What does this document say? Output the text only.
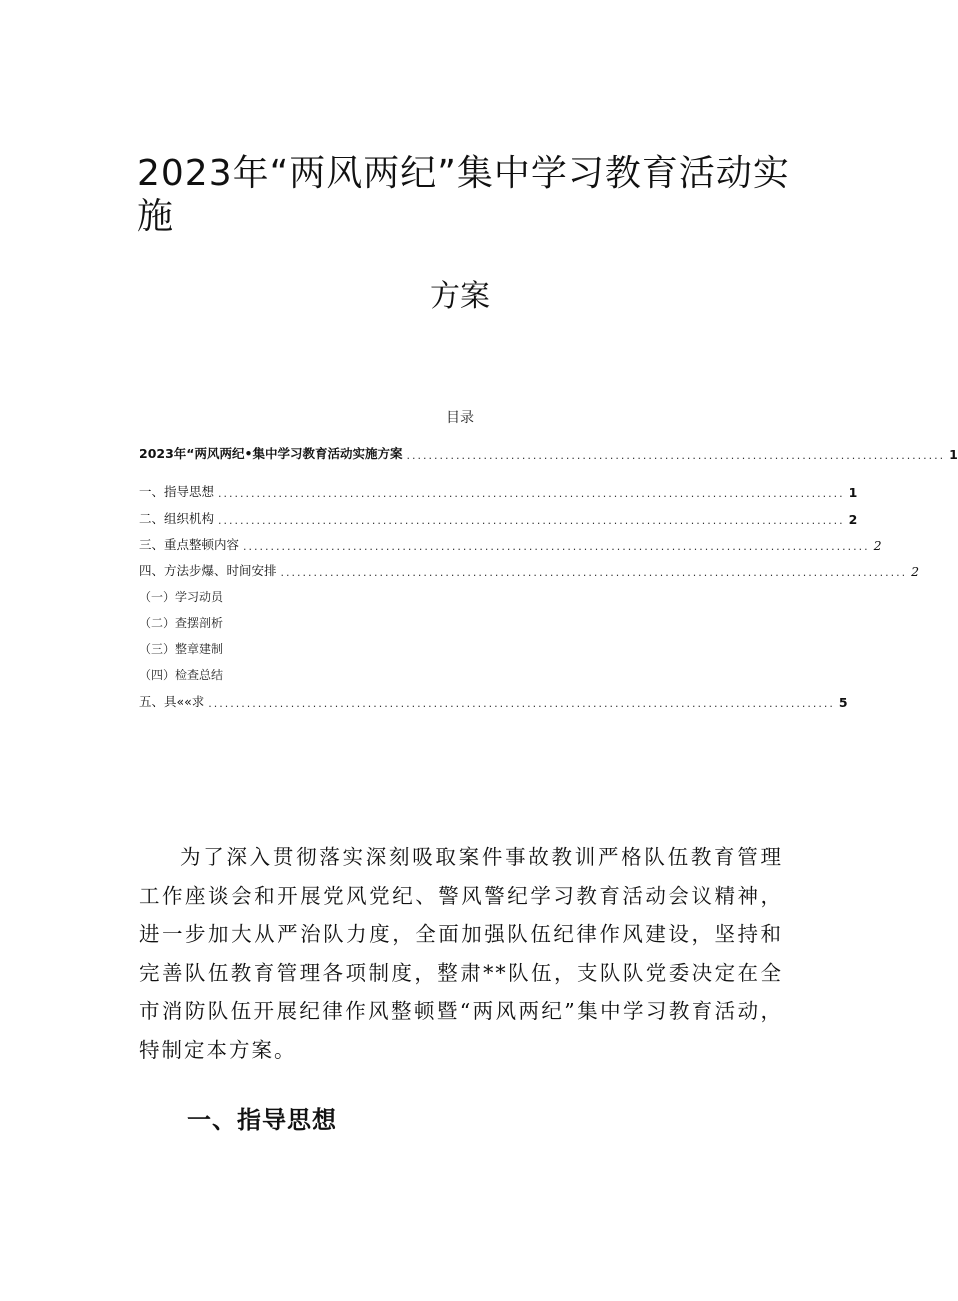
2023年“两风两纪”集中学习教育活动实
施
方案
目录
2023年“两风两纪•集中学习教育活动实施方案 .................................................................................................. 1
一、指导思想 .................................................................................................................. 1
二、组织机构 .................................................................................................................. 2
三、重点整顿内容 .................................................................................................................. 2
四、方法步爆、时间安排 .................................................................................................................. 2
（一）学习动员
（二）查摆剖析
（三）整章建制
（四）检查总结
五、具««求 .................................................................................................................. 5

为了深入贯彻落实深刻吸取案件事故教训严格队伍教育管理工作座谈会和开展党风党纪、警风警纪学习教育活动会议精神，进一步加大从严治队力度，全面加强队伍纪律作风建设，坚持和完善队伍教育管理各项制度，整肃**队伍，支队队党委决定在全市消防队伍开展纪律作风整顿暨“两风两纪”集中学习教育活动，特制定本方案。

一、指导思想
